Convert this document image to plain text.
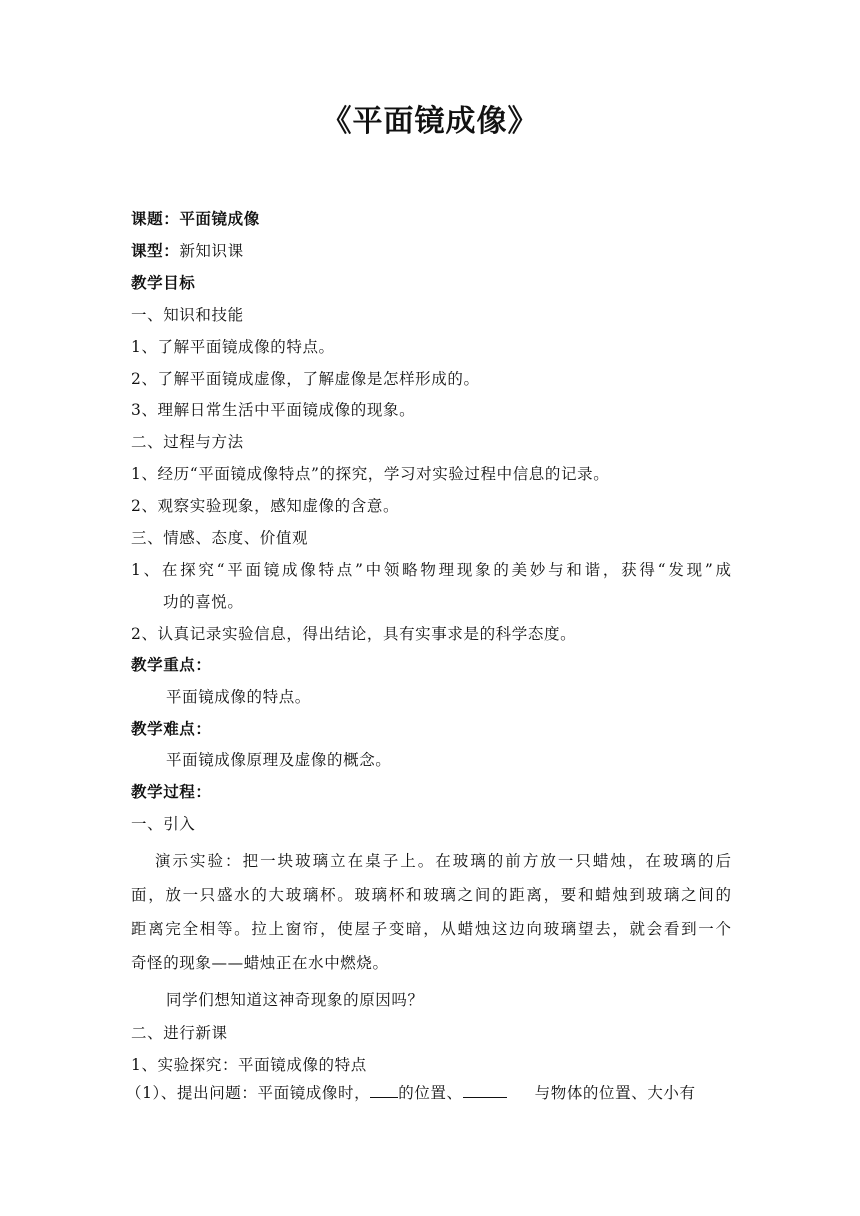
《平面镜成像》
课题：平面镜成像
课型：新知识课
教学目标
一、知识和技能
1、了解平面镜成像的特点。
2、了解平面镜成虚像，了解虚像是怎样形成的。
3、理解日常生活中平面镜成像的现象。
二、过程与方法
1、经历“平面镜成像特点”的探究，学习对实验过程中信息的记录。
2、观察实验现象，感知虚像的含意。
三、情感、态度、价值观
1、在探究“平面镜成像特点”中领略物理现象的美妙与和谐，获得“发现”成
功的喜悦。
2、认真记录实验信息，得出结论，具有实事求是的科学态度。
教学重点：
平面镜成像的特点。
教学难点：
平面镜成像原理及虚像的概念。
教学过程：
一、引入
演示实验：把一块玻璃立在桌子上。在玻璃的前方放一只蜡烛，在玻璃的后
面，放一只盛水的大玻璃杯。玻璃杯和玻璃之间的距离，要和蜡烛到玻璃之间的
距离完全相等。拉上窗帘，使屋子变暗，从蜡烛这边向玻璃望去，就会看到一个
奇怪的现象——蜡烛正在水中燃烧。
同学们想知道这神奇现象的原因吗？
二、进行新课
1、实验探究：平面镜成像的特点
（1）、提出问题：平面镜成像时， 的位置、	与物体的位置、大小有
